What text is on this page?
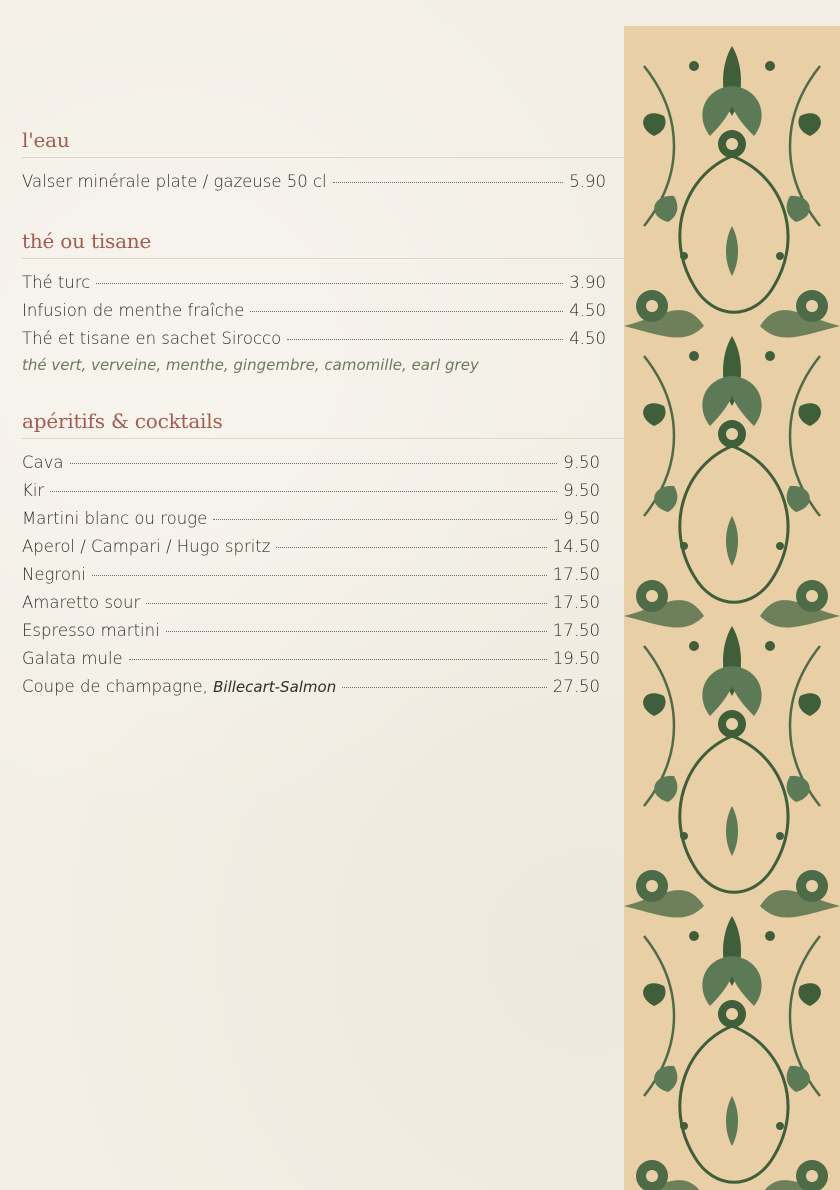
l'eau
Valser minérale plate / gazeuse 50 cl	5.90
thé ou tisane
Thé turc	3.90
Infusion de menthe fraîche	4.50
Thé et tisane en sachet Sirocco	4.50
thé vert, verveine, menthe, gingembre, camomille, earl grey
apéritifs & cocktails
Cava	9.50
Kir	9.50
Martini blanc ou rouge	9.50
Aperol / Campari / Hugo spritz	14.50
Negroni	17.50
Amaretto sour	17.50
Espresso martini	17.50
Galata mule	19.50
Coupe de champagne, Billecart-Salmon	27.50
